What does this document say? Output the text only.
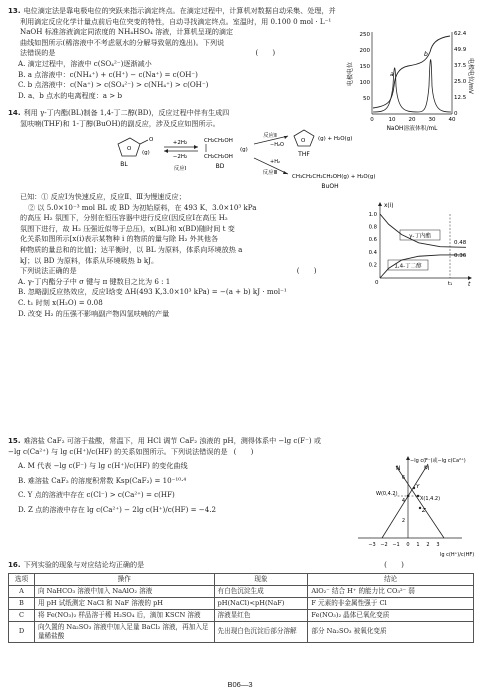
13. 电位滴定法是靠电极电位的突跃来指示滴定终点。在滴定过程中，计算机对数据自动采集、处理，并
利用滴定反应化学计量点前后电位突变的特性，自动寻找滴定终点。室温时，用 0.100 0 mol · L⁻¹
NaOH 标准溶液滴定同浓度的 NH₄HSO₄ 溶液，计算机呈现的滴定
曲线如图所示(稀溶液中不考虑氨水的分解导致氨的逸出)。下列说
法错误的是	(　　)
A. 滴定过程中，溶液中 c(SO₄²⁻)逐渐减小
B. a 点溶液中：c(NH₄⁺) + c(H⁺) − c(Na⁺) = c(OH⁻)
C. b 点溶液中：c(Na⁺) > c(SO₄²⁻) > c(NH₄⁺) > c(OH⁻)
D. a、b 点水的电离程度：a > b
电极电位	电极电位/mV
250
200
150
100
50
62.4
49.9
37.5
25.0
12.5
0
0	10 20 30 40
NaOH溶液体积/mL
a
b
14. 利用 γ-丁内酯(BL)制备 1,4-丁二醇(BD)，反应过程中伴有生成四
氢呋喃(THF)和 1-丁醇(BuOH)的副反应，涉及反应如图所示。
O
O
(g)
BL
+2H₂
−2H₂
反应Ⅰ
CH₂CH₂OH
CH₂CH₂OH
(g)
BD
反应Ⅱ
−H₂O
O (g) + H₂O(g)
THF
+H₂
反应Ⅲ
CH₃CH₂CH₂CH₂OH(g) + H₂O(g)
BuOH
已知：① 反应Ⅰ为快速反应，反应Ⅱ、Ⅲ为慢速反应；
② 以 5.0×10⁻³ mol BL 或 BD 为初始原料，在 493 K、3.0×10³ kPa
的高压 H₂ 氛围下，分别在恒压容器中进行反应(因反应Ⅰ在高压 H₂
氛围下进行，故 H₂ 压强近似等于总压)，x(BL)和 x(BD)随时间 t 变
化关系如图所示[x(i)表示某物种 i 的物质的量与除 H₂ 外其他各
种物质的量总和的比值]；达平衡时，以 BL 为原料，体系向环境放热 a
kJ；以 BD 为原料，体系从环境吸热 b kJ。
下列说法正确的是	(　　)
A. γ-丁内酯分子中 σ 键与 π 键数目之比为 6 : 1
B. 忽略副反应热效应，反应Ⅰ焓变 ΔH(493 K,3.0×10³ kPa) = −(a + b) kJ · mol⁻¹
C. t₁ 时刻 x(H₂O) = 0.08
D. 改变 H₂ 的压强不影响副产物四氢呋喃的产量
x(i)
t
0
1.0
0.8
0.6
0.4
0.2
t₁
γ-丁内酯
1,4-丁二醇
0.48
0.36
15. 难溶盐 CaF₂ 可溶于盐酸，常温下，用 HCl 调节 CaF₂ 浊液的 pH，测得体系中 −lg c(F⁻) 或
−lg c(Ca²⁺) 与 lg c(H⁺)/c(HF) 的关系如图所示。下列说法错误的是 (　　)
A. M 代表 −lg c(F⁻) 与 lg c(H⁺)/c(HF) 的变化曲线
B. 难溶盐 CaF₂ 的溶度积常数 Ksp(CaF₂) = 10⁻¹⁰·⁴
C. Y 点的溶液中存在 c(Cl⁻) > c(Ca²⁺) = c(HF)
D. Z 点的溶液中存在 lg c(Ca²⁺) − 2lg c(H⁺)/c(HF) = −4.2
−lg c(F⁻)或−lg c(Ca²⁺)
M
N
W(0,4.2)
X(1,4.2)
Y
Z
6
4
2
−3 −2 −1 0 1 2 3
lg c(H⁺)/c(HF)
16. 下列实验的现象与对应结论均正确的是	(　　)
选项	操作	现象	结论
A	向 NaHCO₃ 溶液中加入 NaAlO₂ 溶液	有白色沉淀生成	AlO₂⁻ 结合 H⁺ 的能力比 CO₃²⁻ 弱
B	用 pH 试纸测定 NaCl 和 NaF 溶液的 pH	pH(NaCl)<pH(NaF)	F 元素的非金属性强于 Cl
C	将 Fe(NO₃)₂ 样品溶于稀 H₂SO₄ 后，滴加 KSCN 溶液	溶液显红色	Fe(NO₃)₂ 晶体已氧化变质
D	向久置的 Na₂SO₃ 溶液中加入足量 BaCl₂ 溶液，再加入足量稀盐酸	先出现白色沉淀后部分溶解	部分 Na₂SO₃ 被氧化变质
B06—3
